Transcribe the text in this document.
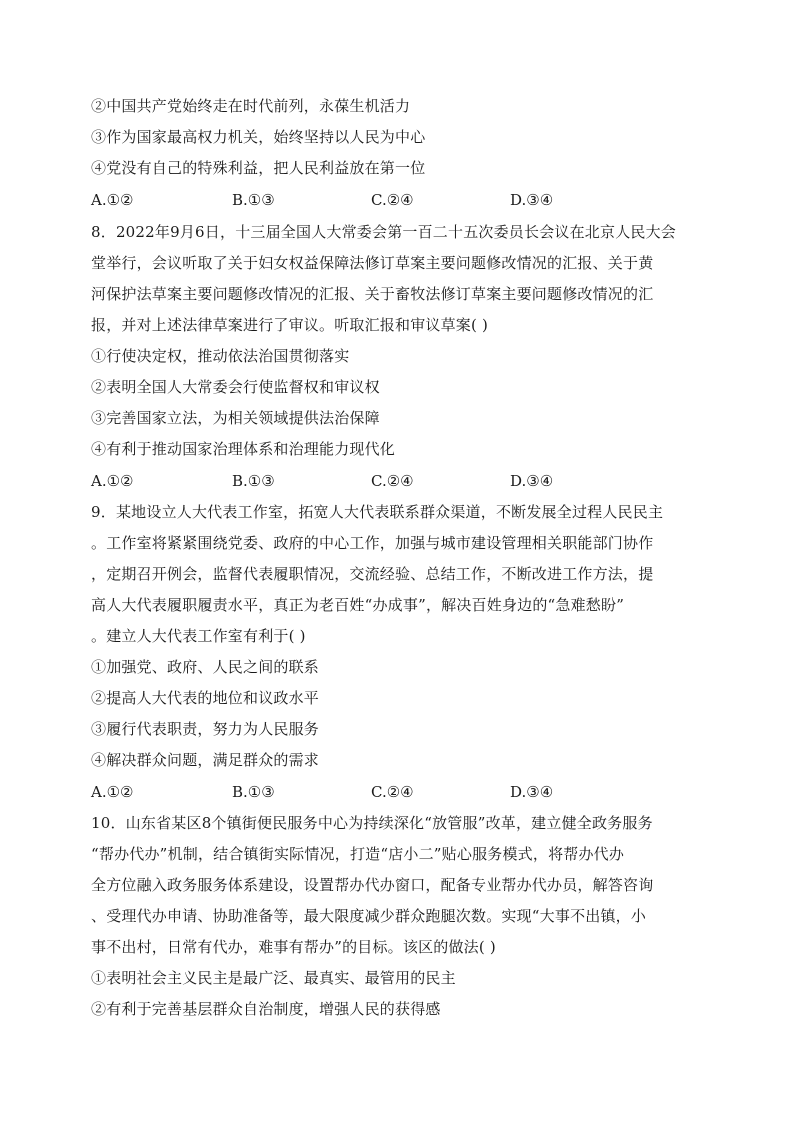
②中国共产党始终走在时代前列，永葆生机活力
③作为国家最高权力机关，始终坚持以人民为中心
④党没有自己的特殊利益，把人民利益放在第一位
A.①②	B.①③	C.②④	D.③④
8．2022年9月6日，十三届全国人大常委会第一百二十五次委员长会议在北京人民大会
堂举行，会议听取了关于妇女权益保障法修订草案主要问题修改情况的汇报、关于黄
河保护法草案主要问题修改情况的汇报、关于畜牧法修订草案主要问题修改情况的汇
报，并对上述法律草案进行了审议。听取汇报和审议草案( )
①行使决定权，推动依法治国贯彻落实
②表明全国人大常委会行使监督权和审议权
③完善国家立法，为相关领域提供法治保障
④有利于推动国家治理体系和治理能力现代化
A.①②	B.①③	C.②④	D.③④
9．某地设立人大代表工作室，拓宽人大代表联系群众渠道，不断发展全过程人民民主
。工作室将紧紧围绕党委、政府的中心工作，加强与城市建设管理相关职能部门协作
，定期召开例会，监督代表履职情况，交流经验、总结工作，不断改进工作方法，提
高人大代表履职履责水平，真正为老百姓“办成事”，解决百姓身边的“急难愁盼”
。建立人大代表工作室有利于( )
①加强党、政府、人民之间的联系
②提高人大代表的地位和议政水平
③履行代表职责，努力为人民服务
④解决群众问题，满足群众的需求
A.①②	B.①③	C.②④	D.③④
10．山东省某区8个镇街便民服务中心为持续深化“放管服”改革，建立健全政务服务
“帮办代办”机制，结合镇街实际情况，打造“店小二”贴心服务模式，将帮办代办
全方位融入政务服务体系建设，设置帮办代办窗口，配备专业帮办代办员，解答咨询
、受理代办申请、协助准备等，最大限度减少群众跑腿次数。实现“大事不出镇，小
事不出村，日常有代办，难事有帮办”的目标。该区的做法( )
①表明社会主义民主是最广泛、最真实、最管用的民主
②有利于完善基层群众自治制度，增强人民的获得感
